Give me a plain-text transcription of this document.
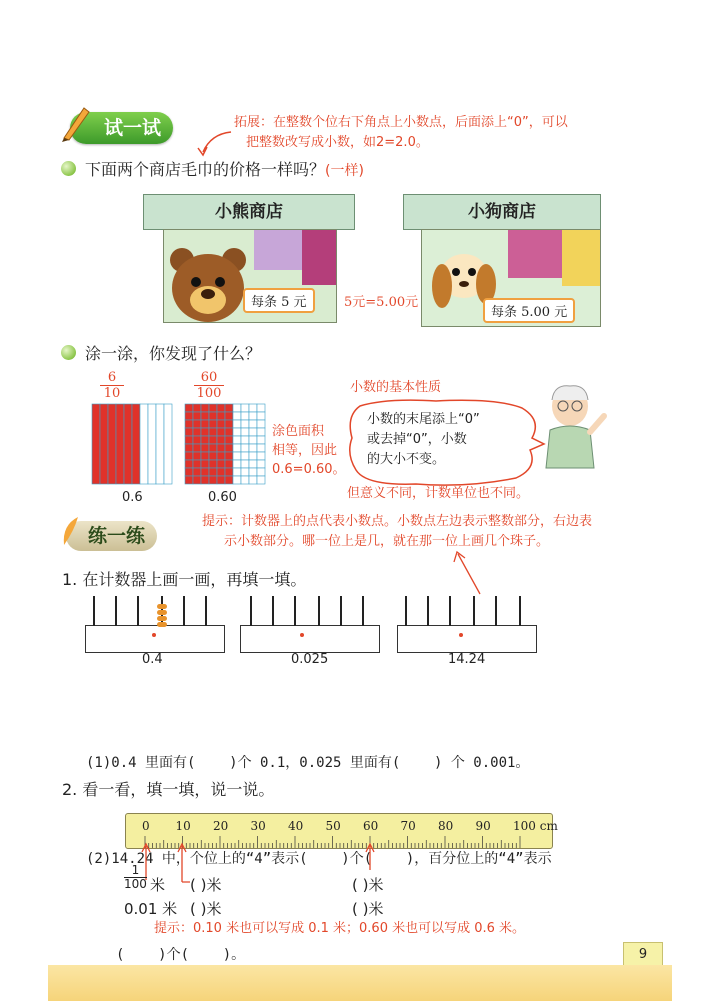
试一试	拓展：在整数个位右下角点上小数点，后面添上“0”，可以
把整数改写成小数，如2=2.0。
下面两个商店毛巾的价格一样吗？(一样)
小熊商店
每条 5 元	5元=5.00元
小狗商店
每条 5.00 元
涂一涂，你发现了什么？
$\frac{6}{10}$	$\frac{60}{100}$
0.6	0.60
涂色面积
相等，因此
0.6=0.60。
小数的基本性质
小数的末尾添上“0”
或去掉“0”，小数
的大小不变。
但意义不同，计数单位也不同。
练一练
提示：计数器上的点代表小数点。小数点左边表示整数部分，右边表
示小数部分。哪一位上是几，就在那一位上画几个珠子。
1. 在计数器上画一画，再填一填。
0.4	0.025	14.24

(1)0.4 里面有(    )个 0.1，0.025 里面有(    ) 个 0.001。

(2)14.24 中，个位上的“4”表示(    )个(    )，百分位上的“4”表示

(    )个(    )。

2. 看一看，填一填，说一说。
0 10 20 30 40 50 60 70 80 90 100 cm
$\frac{1}{100}$ 米
0.01 米
( )米
( )米
( )米
( )米
提示：0.10 米也可以写成 0.1 米；0.60 米也可以写成 0.6 米。
9
